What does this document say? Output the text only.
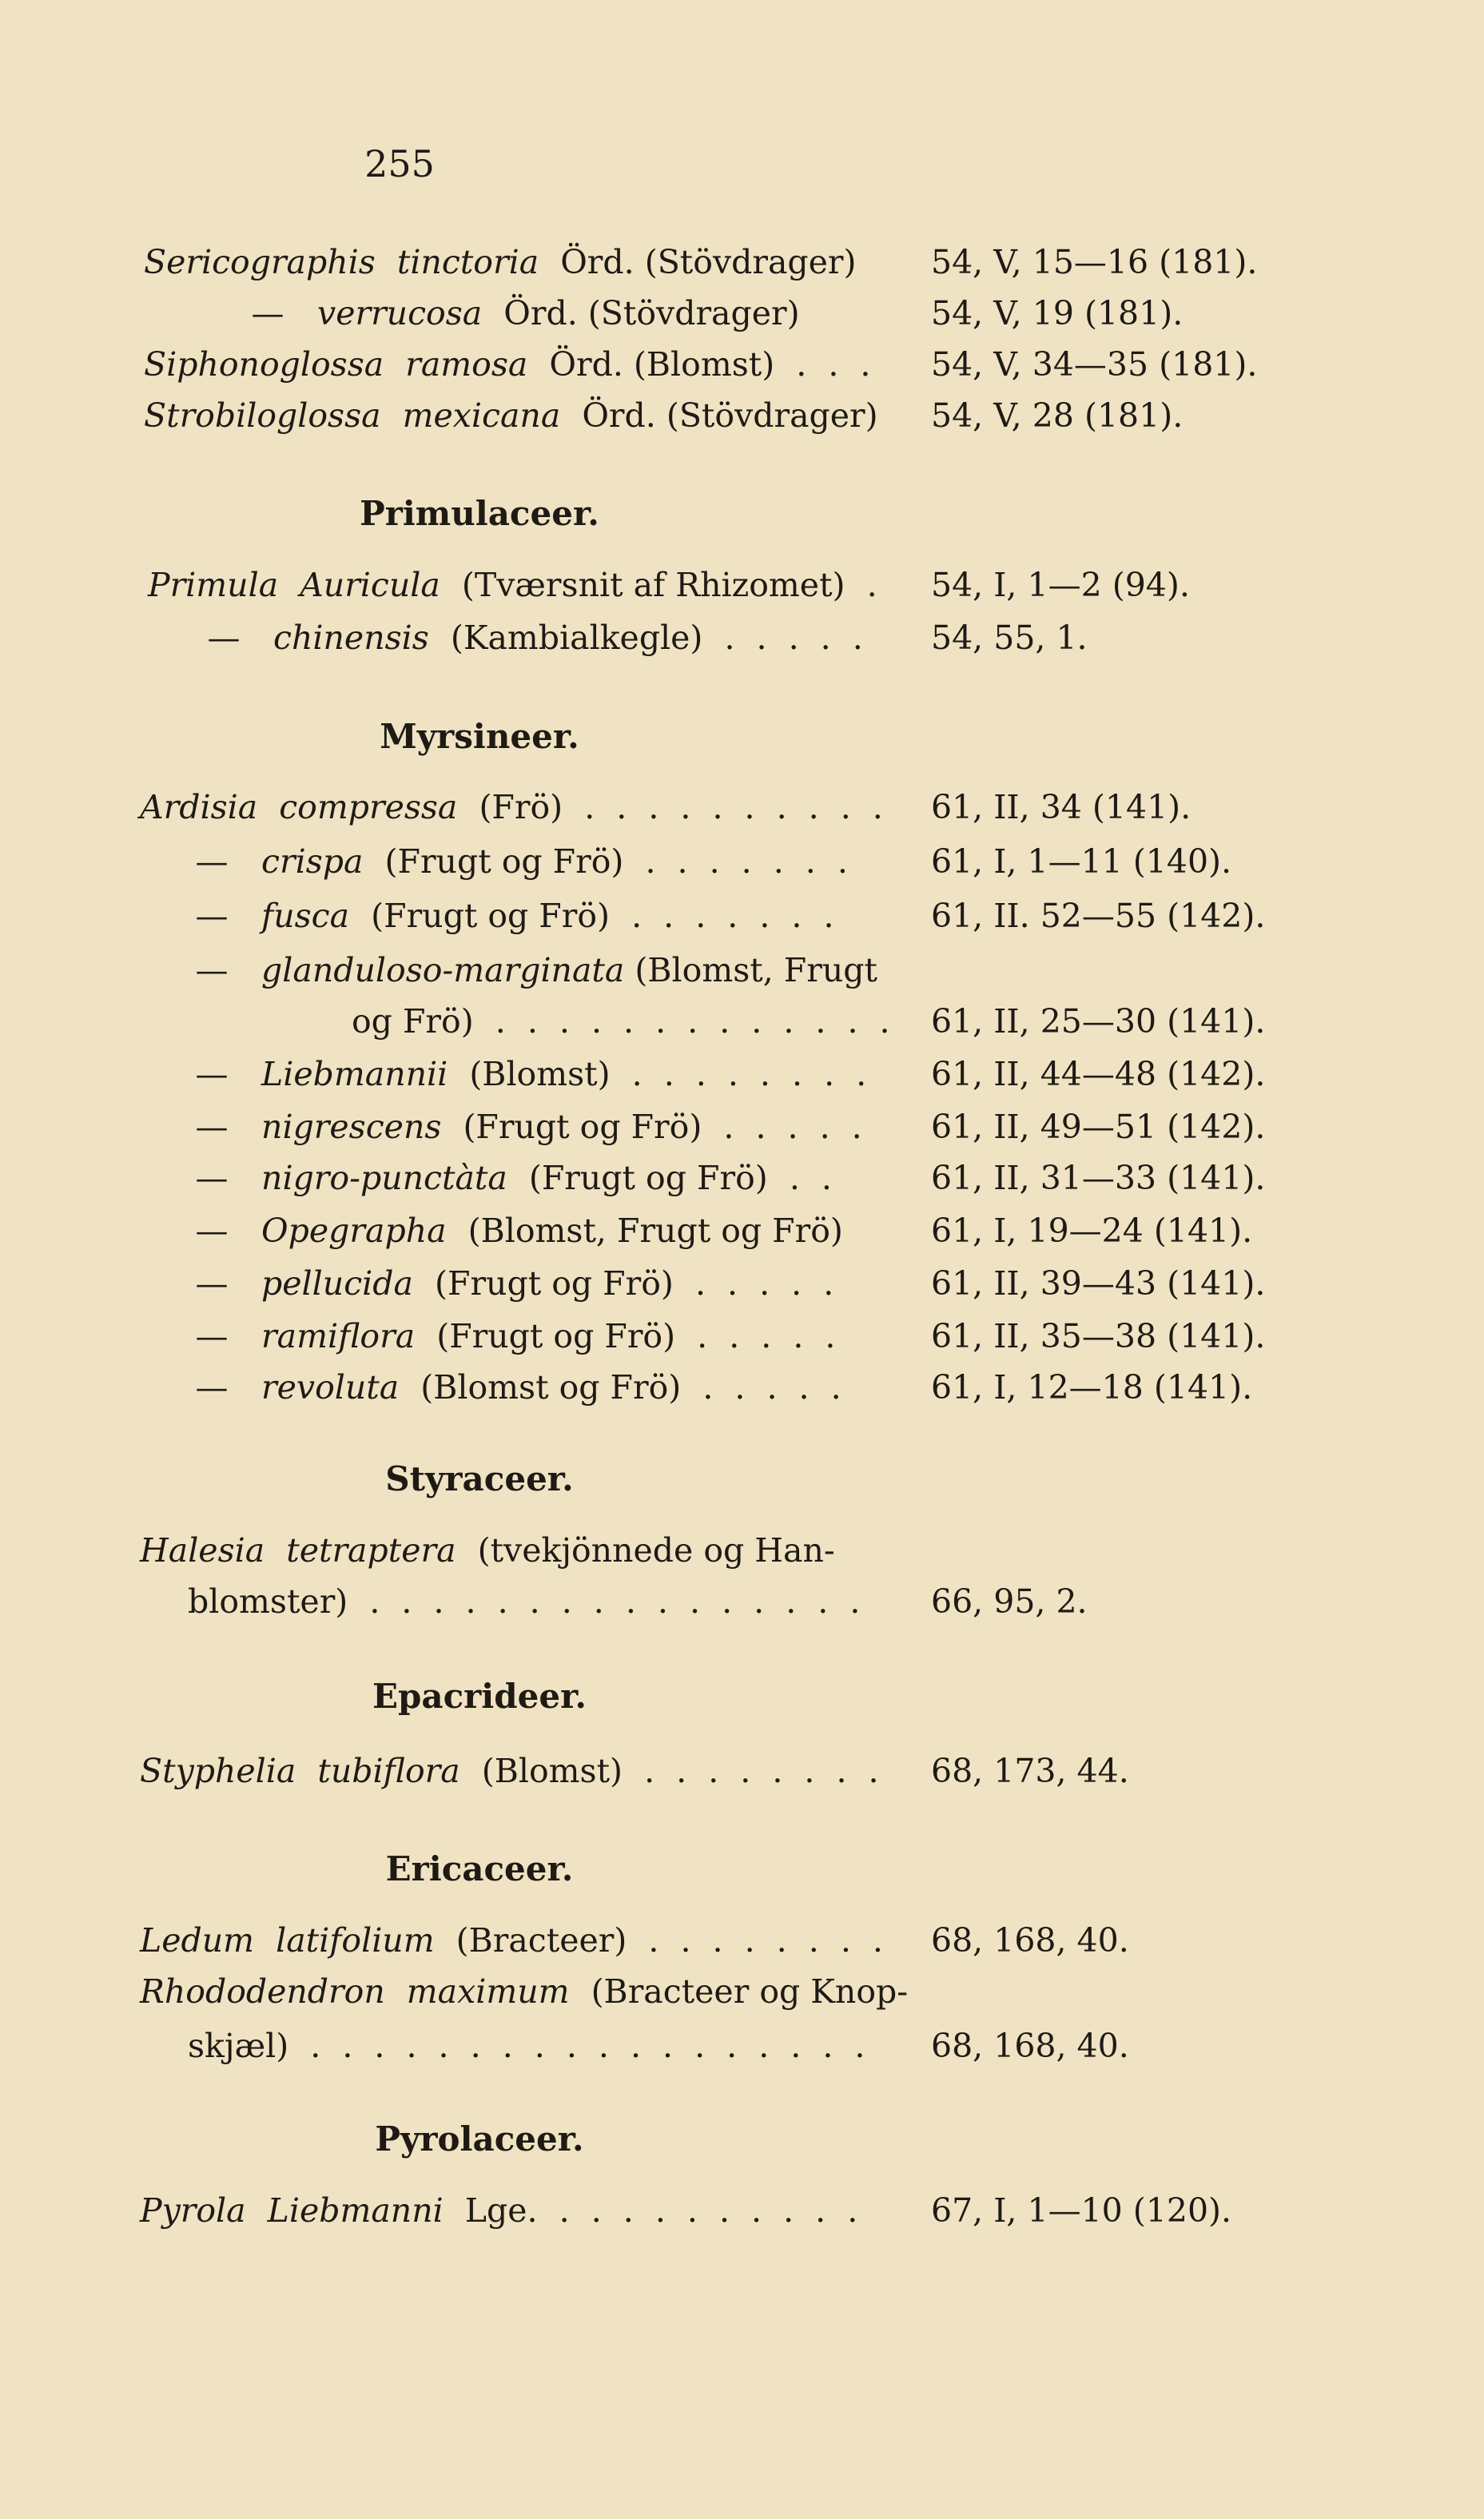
255
Sericographis tinctoria Örd. (Stövdrager) 54, V, 15—16 (181).
— verrucosa Örd. (Stövdrager)	54, V, 19 (181).
Siphonoglossa ramosa Örd. (Blomst) . . . 54, V, 34—35 (181).
Strobiloglossa mexicana Örd. (Stövdrager) 54, V, 28 (181).
Primulaceer.
Primula Auricula (Tværsnit af Rhizomet) . 54, I, 1—2 (94).
— chinensis (Kambialkegle) . . . . . 54, 55, 1.
Myrsineer.
Ardisia compressa (Frö) . . . . . . . . . . 61, II, 34 (141).
— crispa (Frugt og Frö) . . . . . . . 61, I, 1—11 (140).
— fusca (Frugt og Frö) . . . . . . .	61, II. 52—55 (142).
— glanduloso-marginata (Blomst, Frugt
og Frö) . . . . . . . . . . . . . 61, II, 25—30 (141).
— Liebmannii (Blomst) . . . . . . . . 61, II, 44—48 (142).
— nigrescens (Frugt og Frö) . . . . . 61, II, 49—51 (142).
— nigro-punctàta (Frugt og Frö) . .	61, II, 31—33 (141).
— Opegrapha (Blomst, Frugt og Frö)	61, I, 19—24 (141).
— pellucida (Frugt og Frö) . . . . .	61, II, 39—43 (141).
— ramiflora (Frugt og Frö) . . . . .	61, II, 35—38 (141).
— revoluta (Blomst og Frö) . . . . .	61, I, 12—18 (141).
Styraceer.
Halesia tetraptera (tvekjönnede og Han-
blomster) . . . . . . . . . . . . . . . . 66, 95, 2.
Epacrideer.
Styphelia tubiflora (Blomst) . . . . . . . . 68, 173, 44.
Ericaceer.
Ledum latifolium (Bracteer) . . . . . . . . 68, 168, 40.
Rhododendron maximum (Bracteer og Knop-
skjæl) . . . . . . . . . . . . . . . . . . 68, 168, 40.
Pyrolaceer.
Pyrola Liebmanni Lge. . . . . . . . . . . 67, I, 1—10 (120).
